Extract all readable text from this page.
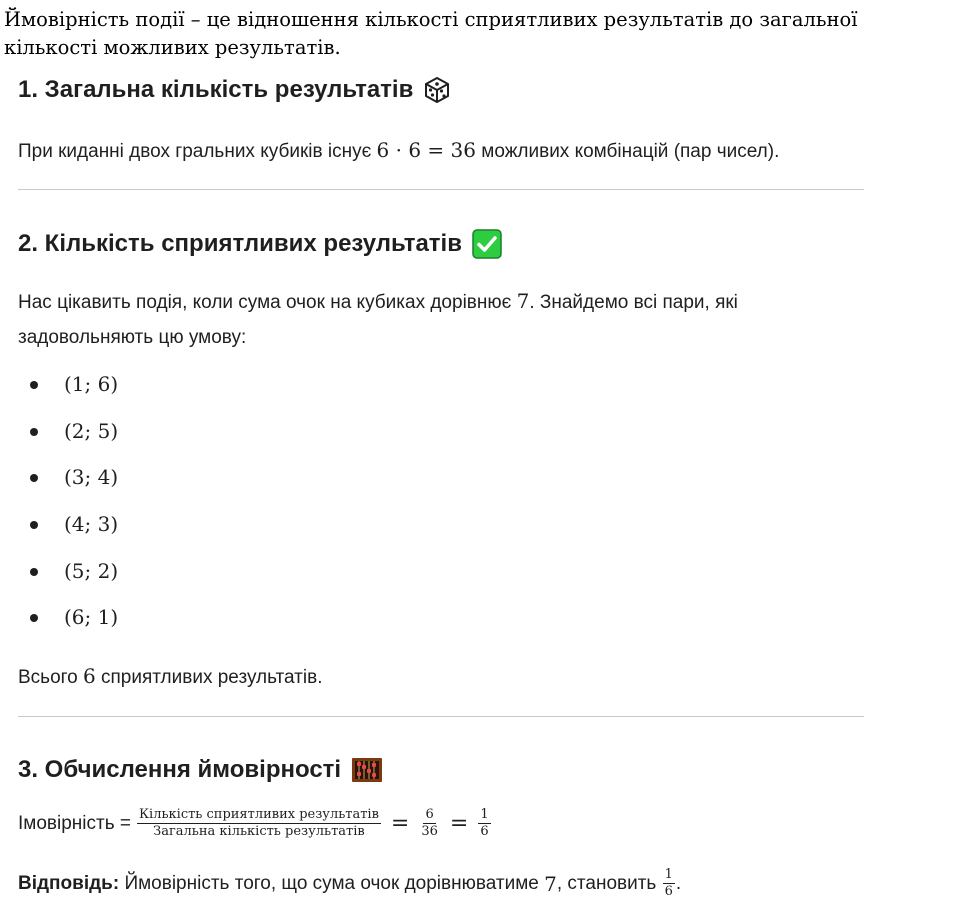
Ймовірність події – це відношення кількості сприятливих результатів до загальної
кількості можливих результатів.
1. Загальна кількість результатів
При киданні двох гральних кубиків існує 6 · 6 = 36 можливих комбінацій (пар чисел).
2. Кількість сприятливих результатів
Нас цікавить подія, коли сума очок на кубиках дорівнює 7. Знайдемо всі пари, які
задовольняють цю умову:
(1; 6)
(2; 5)
(3; 4)
(4; 3)
(5; 2)
(6; 1)
Всього 6 сприятливих результатів.
3. Обчислення ймовірності
Імовірність = $\frac{\text{Кількість сприятливих результатів}}{\text{Загальна кількість результатів}} = \frac{6}{36} = \frac{1}{6}$
Відповідь: Ймовірність того, що сума очок дорівнюватиме 7 , становить $\frac{1}{6}$ .
